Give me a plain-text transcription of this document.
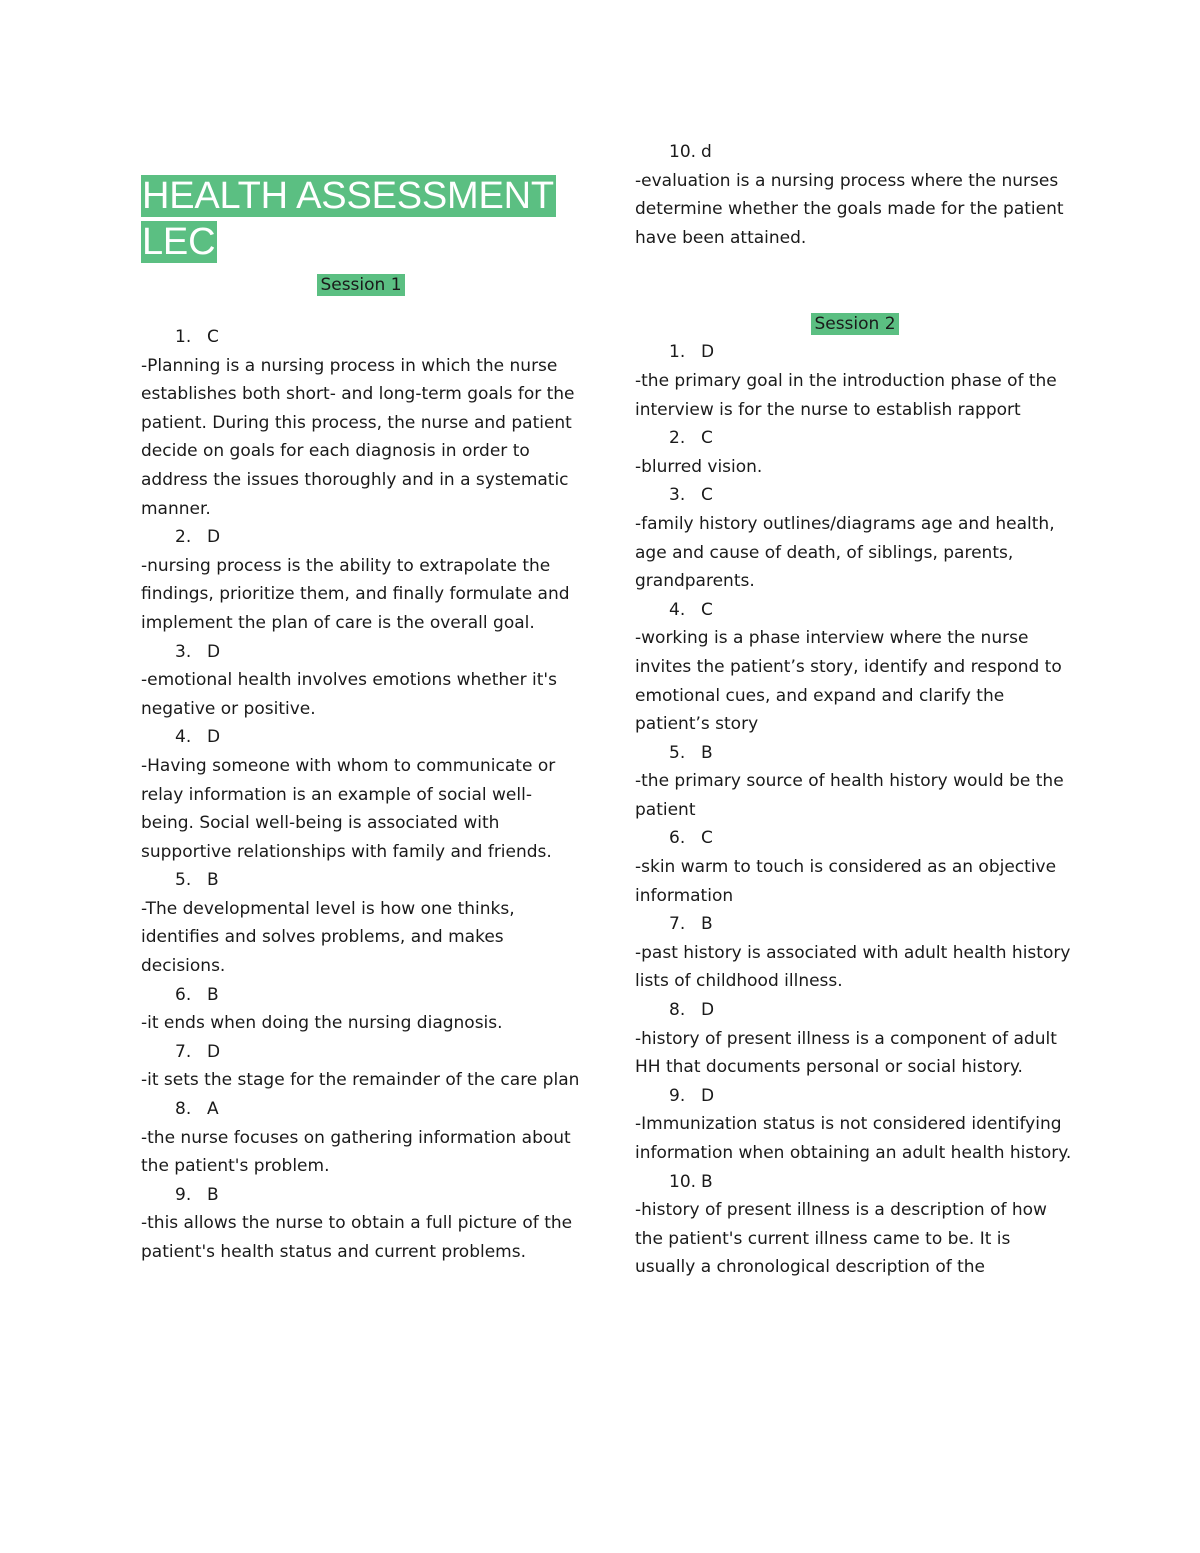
HEALTH ASSESSMENT
LEC

Session 1

1. C
-Planning is a nursing process in which the nurse establishes both short- and long-term goals for the patient. During this process, the nurse and patient decide on goals for each diagnosis in order to address the issues thoroughly and in a systematic manner.
2. D
-nursing process is the ability to extrapolate the findings, prioritize them, and finally formulate and implement the plan of care is the overall goal.
3. D
-emotional health involves emotions whether it's negative or positive.
4. D
-Having someone with whom to communicate or relay information is an example of social well-being. Social well-being is associated with supportive relationships with family and friends.
5. B
-The developmental level is how one thinks, identifies and solves problems, and makes decisions.
6. B
-it ends when doing the nursing diagnosis.
7. D
-it sets the stage for the remainder of the care plan
8. A
-the nurse focuses on gathering information about the patient's problem.
9. B
-this allows the nurse to obtain a full picture of the patient's health status and current problems.
10. d
-evaluation is a nursing process where the nurses determine whether the goals made for the patient have been attained.

Session 2

1. D
-the primary goal in the introduction phase of the interview is for the nurse to establish rapport
2. C
-blurred vision.
3. C
-family history outlines/diagrams age and health, age and cause of death, of siblings, parents, grandparents.
4. C
-working is a phase interview where the nurse invites the patient’s story, identify and respond to emotional cues, and expand and clarify the patient’s story
5. B
-the primary source of health history would be the patient
6. C
-skin warm to touch is considered as an objective information
7. B
-past history is associated with adult health history lists of childhood illness.
8. D
-history of present illness is a component of adult HH that documents personal or social history.
9. D
-Immunization status is not considered identifying information when obtaining an adult health history.
10. B
-history of present illness is a description of how the patient's current illness came to be. It is usually a chronological description of the
